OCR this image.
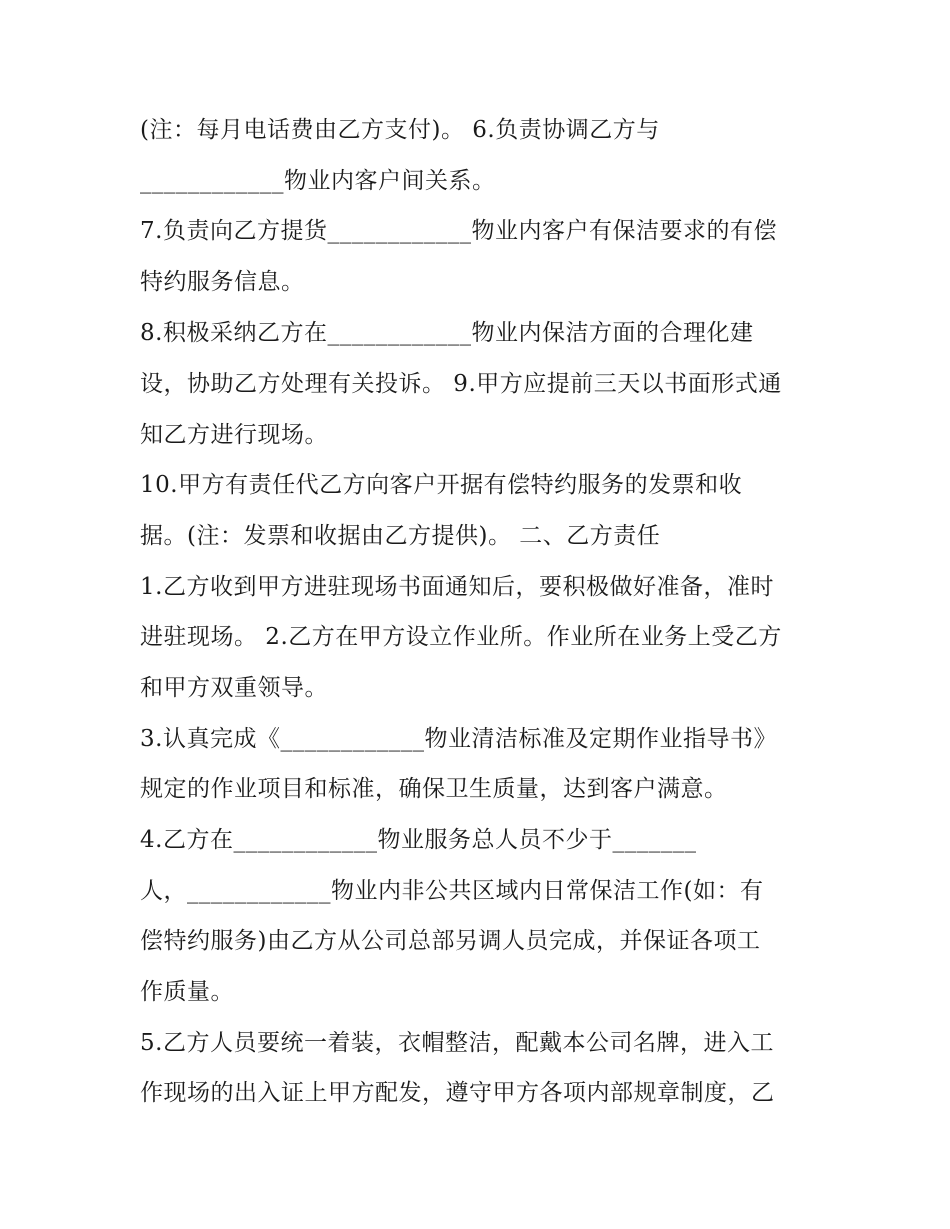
(注：每月电话费由乙方支付)。 6.负责协调乙方与
____________物业内客户间关系。
7.负责向乙方提货____________物业内客户有保洁要求的有偿
特约服务信息。
8.积极采纳乙方在____________物业内保洁方面的合理化建
设，协助乙方处理有关投诉。 9.甲方应提前三天以书面形式通
知乙方进行现场。
10.甲方有责任代乙方向客户开据有偿特约服务的发票和收
据。(注：发票和收据由乙方提供)。 二、乙方责任
1.乙方收到甲方进驻现场书面通知后，要积极做好准备，准时
进驻现场。 2.乙方在甲方设立作业所。作业所在业务上受乙方
和甲方双重领导。
3.认真完成《____________物业清洁标准及定期作业指导书》
规定的作业项目和标准，确保卫生质量，达到客户满意。
4.乙方在____________物业服务总人员不少于_______
人，____________物业内非公共区域内日常保洁工作(如：有
偿特约服务)由乙方从公司总部另调人员完成，并保证各项工
作质量。
5.乙方人员要统一着装，衣帽整洁，配戴本公司名牌，进入工
作现场的出入证上甲方配发，遵守甲方各项内部规章制度，乙
